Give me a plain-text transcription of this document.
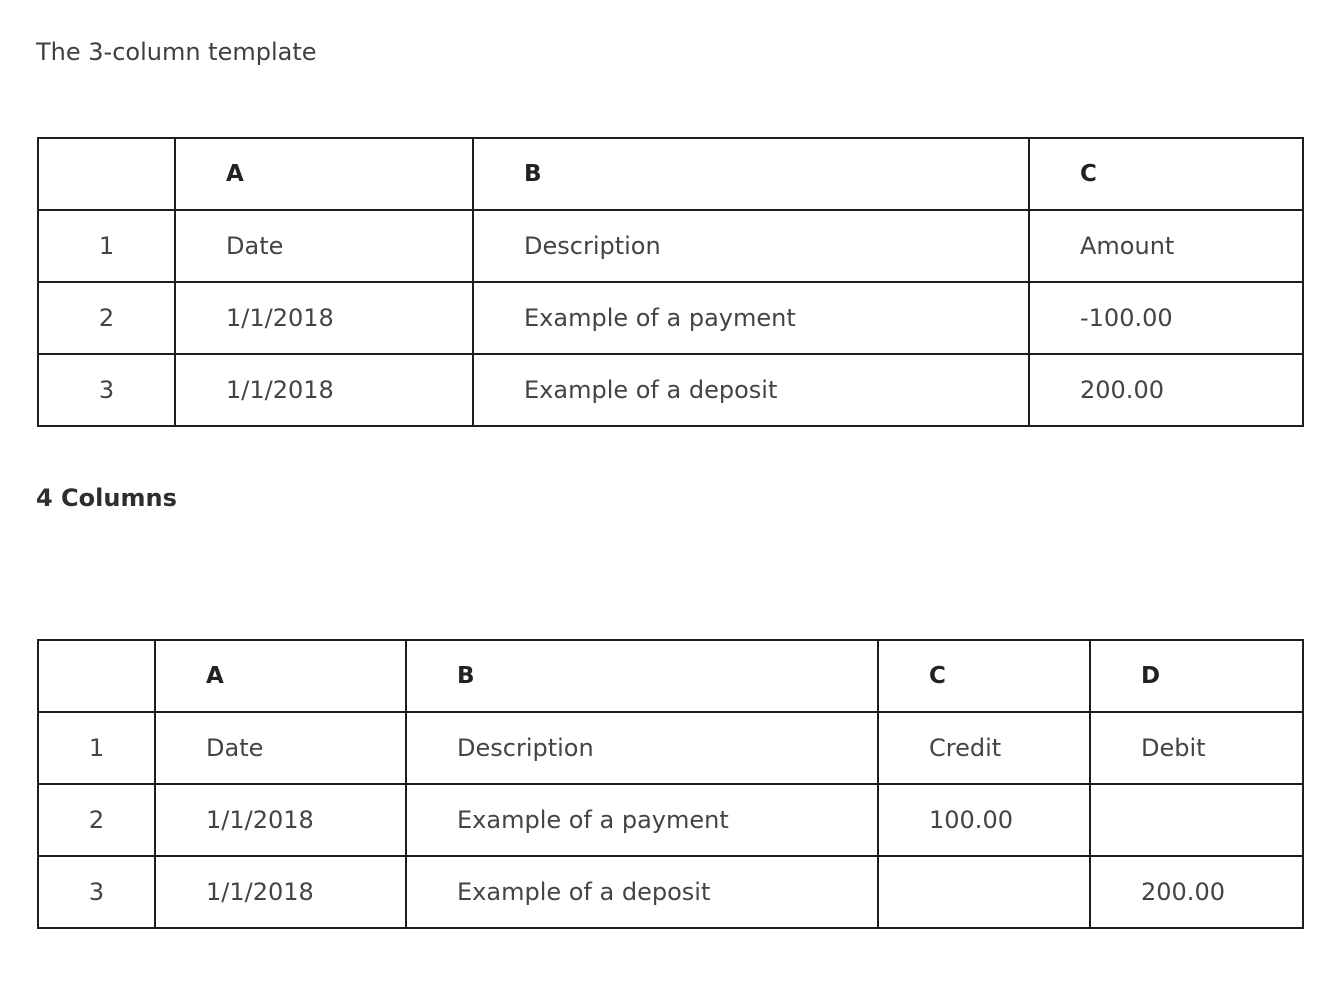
The 3-column template

	A	B	C
1	Date	Description	Amount
2	1/1/2018	Example of a payment	-100.00
3	1/1/2018	Example of a deposit	200.00

4 Columns

	A	B	C	D
1	Date	Description	Credit	Debit
2	1/1/2018	Example of a payment	100.00	
3	1/1/2018	Example of a deposit		200.00
